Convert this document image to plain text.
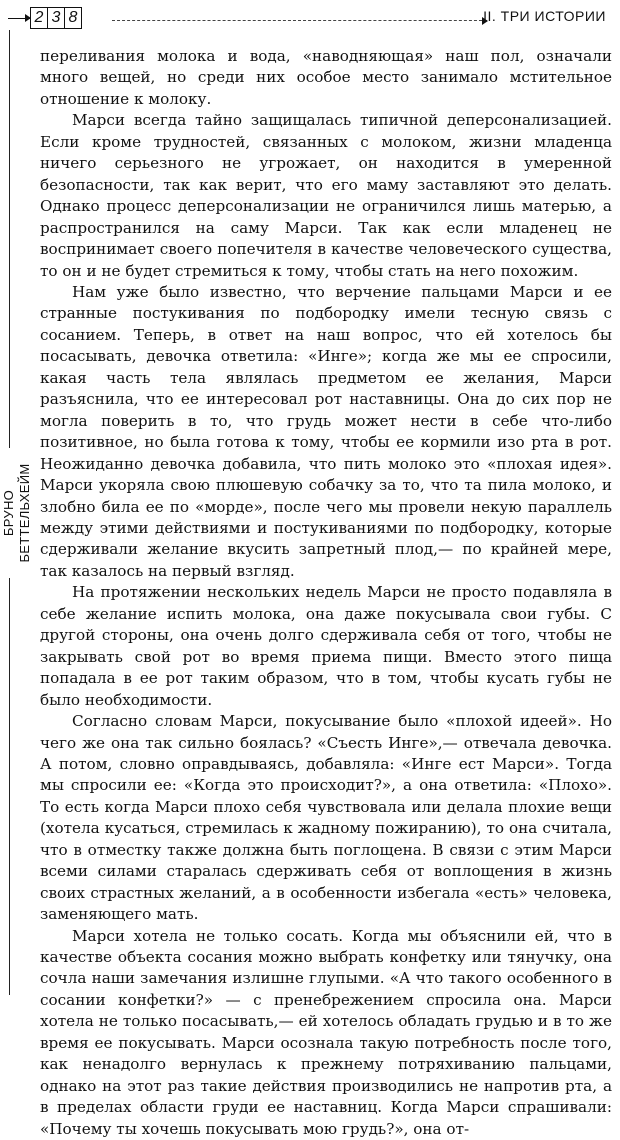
2 3 8	II. ТРИ ИСТОРИИ
БРУНО БЕТТЕЛЬХЕЙМ

переливания молока и вода, «наводняющая» наш пол, означали много вещей, но среди них особое место занимало мстительное отношение к молоку.

Марси всегда тайно защищалась типичной деперсонализацией. Если кроме трудностей, связанных с молоком, жизни младенца ничего серьезного не угрожает, он находится в умеренной безопасности, так как верит, что его маму заставляют это делать. Однако процесс деперсонализации не ограничился лишь матерью, а распространился на саму Марси. Так как если младенец не воспринимает своего попечителя в качестве человеческого существа, то он и не будет стремиться к тому, чтобы стать на него похожим.

Нам уже было известно, что верчение пальцами Марси и ее странные постукивания по подбородку имели тесную связь с сосанием. Теперь, в ответ на наш вопрос, что ей хотелось бы посасывать, девочка ответила: «Инге»; когда же мы ее спросили, какая часть тела являлась предметом ее желания, Марси разъяснила, что ее интересовал рот наставницы. Она до сих пор не могла поверить в то, что грудь может нести в себе что-либо позитивное, но была готова к тому, чтобы ее кормили изо рта в рот. Неожиданно девочка добавила, что пить молоко это «плохая идея». Марси укоряла свою плюшевую собачку за то, что та пила молоко, и злобно била ее по «морде», после чего мы провели некую параллель между этими действиями и постукиваниями по подбородку, которые сдерживали желание вкусить запретный плод,— по крайней мере, так казалось на первый взгляд.

На протяжении нескольких недель Марси не просто подавляла в себе желание испить молока, она даже покусывала свои губы. С другой стороны, она очень долго сдерживала себя от того, чтобы не закрывать свой рот во время приема пищи. Вместо этого пища попадала в ее рот таким образом, что в том, чтобы кусать губы не было необходимости.

Согласно словам Марси, покусывание было «плохой идеей». Но чего же она так сильно боялась? «Съесть Инге»,— отвечала девочка. А потом, словно оправдываясь, добавляла: «Инге ест Марси». Тогда мы спросили ее: «Когда это происходит?», а она ответила: «Плохо». То есть когда Марси плохо себя чувствовала или делала плохие вещи (хотела кусаться, стремилась к жадному пожиранию), то она считала, что в отместку также должна быть поглощена. В связи с этим Марси всеми силами старалась сдерживать себя от воплощения в жизнь своих страстных желаний, а в особенности избегала «есть» человека, заменяющего мать.

Марси хотела не только сосать. Когда мы объяснили ей, что в качестве объекта сосания можно выбрать конфетку или тянучку, она сочла наши замечания излишне глупыми. «А что такого особенного в сосании конфетки?» — с пренебрежением спросила она. Марси хотела не только посасывать,— ей хотелось обладать грудью и в то же время ее покусывать. Марси осознала такую потребность после того, как ненадолго вернулась к прежнему потряхиванию пальцами, однако на этот раз такие действия производились не напротив рта, а в пределах области груди ее наставниц. Когда Марси спрашивали: «Почему ты хочешь покусывать мою грудь?», она от-
